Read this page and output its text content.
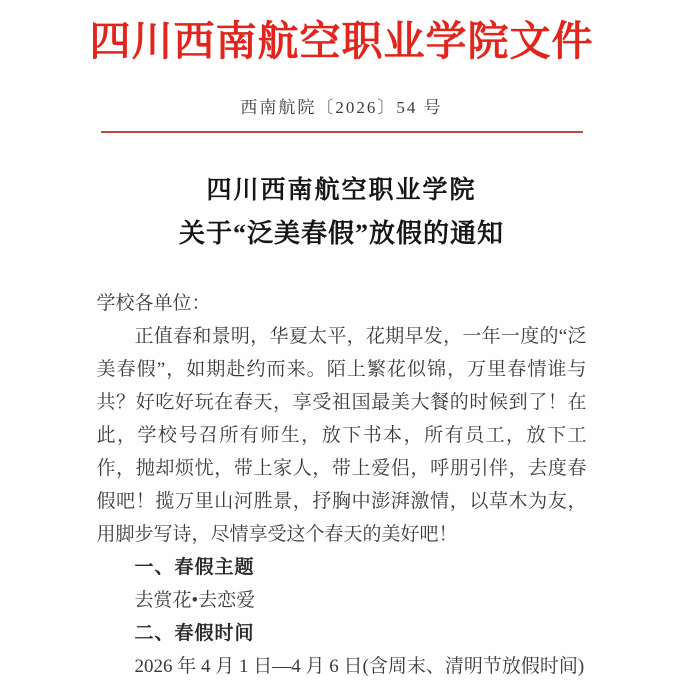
四川西南航空职业学院文件
西南航院〔2026〕54 号
四川西南航空职业学院
关于“泛美春假”放假的通知

学校各单位：

正值春和景明，华夏太平，花期早发，一年一度的“泛美春假”，如期赴约而来。陌上繁花似锦，万里春情谁与共？好吃好玩在春天，享受祖国最美大餐的时候到了！在此，学校号召所有师生，放下书本，所有员工，放下工作，抛却烦忧，带上家人，带上爱侣，呼朋引伴，去度春假吧！揽万里山河胜景，抒胸中澎湃激情，以草木为友，用脚步写诗，尽情享受这个春天的美好吧！

一、春假主题

去赏花•去恋爱

二、春假时间

2026 年 4 月 1 日—4 月 6 日(含周末、清明节放假时间)
